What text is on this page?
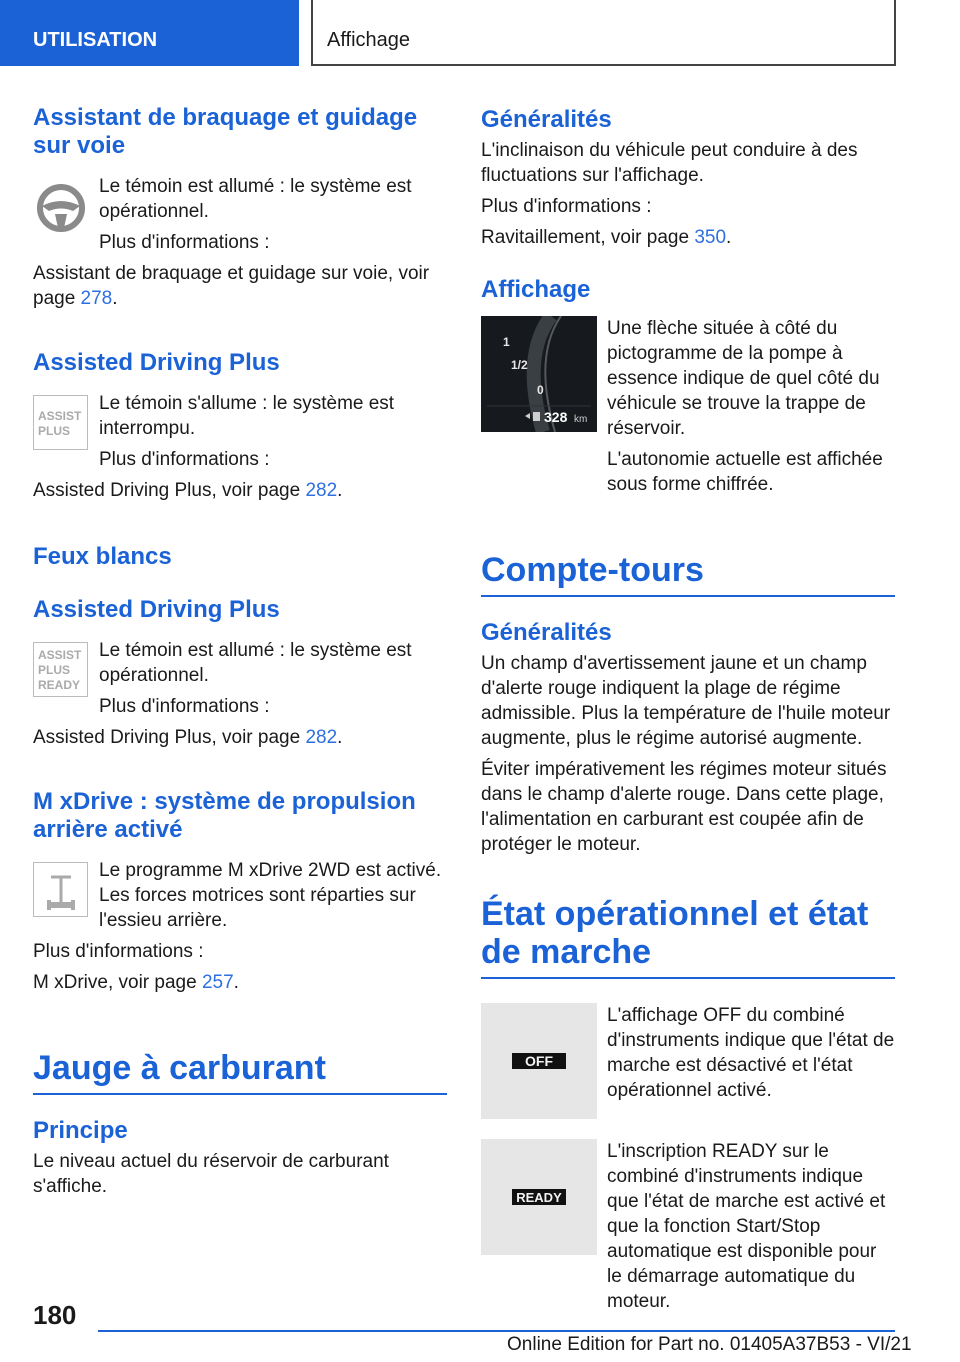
UTILISATION	Affichage
Assistant de braquage et guidage sur voie

Le témoin est allumé : le système est opérationnel.

Plus d'informations :

Assistant de braquage et guidage sur voie, voir page 278.

Assisted Driving Plus
ASSIST
PLUS

Le témoin s'allume : le système est interrompu.

Plus d'informations :

Assisted Driving Plus, voir page 282.

Feux blancs
Assisted Driving Plus
ASSIST
PLUS
READY

Le témoin est allumé : le système est opérationnel.

Plus d'informations :

Assisted Driving Plus, voir page 282.

M xDrive : système de propulsion arrière activé

Le programme M xDrive 2WD est activé. Les forces motrices sont réparties sur l'essieu arrière.

Plus d'informations :

M xDrive, voir page 257.

Jauge à carburant
Principe

Le niveau actuel du réservoir de carburant s'affiche.

Généralités

L'inclinaison du véhicule peut conduire à des fluctuations sur l'affichage.

Plus d'informations :

Ravitaillement, voir page 350.

Affichage
1
1/2
0
328 km

Une flèche située à côté du pictogramme de la pompe à essence indique de quel côté du véhicule se trouve la trappe de réservoir.

L'autonomie actuelle est affichée sous forme chiffrée.

Compte-tours
Généralités

Un champ d'avertissement jaune et un champ d'alerte rouge indiquent la plage de régime admissible. Plus la température de l'huile moteur augmente, plus le régime autorisé augmente.

Éviter impérativement les régimes moteur situés dans le champ d'alerte rouge. Dans cette plage, l'alimentation en carburant est coupée afin de protéger le moteur.

État opérationnel et état de marche
OFF

L'affichage OFF du combiné d'instruments indique que l'état de marche est désactivé et l'état opérationnel activé.

READY

L'inscription READY sur le combiné d'instruments indique que l'état de marche est activé et que la fonction Start/Stop automatique est disponible pour le démarrage automatique du moteur.

180
Online Edition for Part no. 01405A37B53 - VI/21
